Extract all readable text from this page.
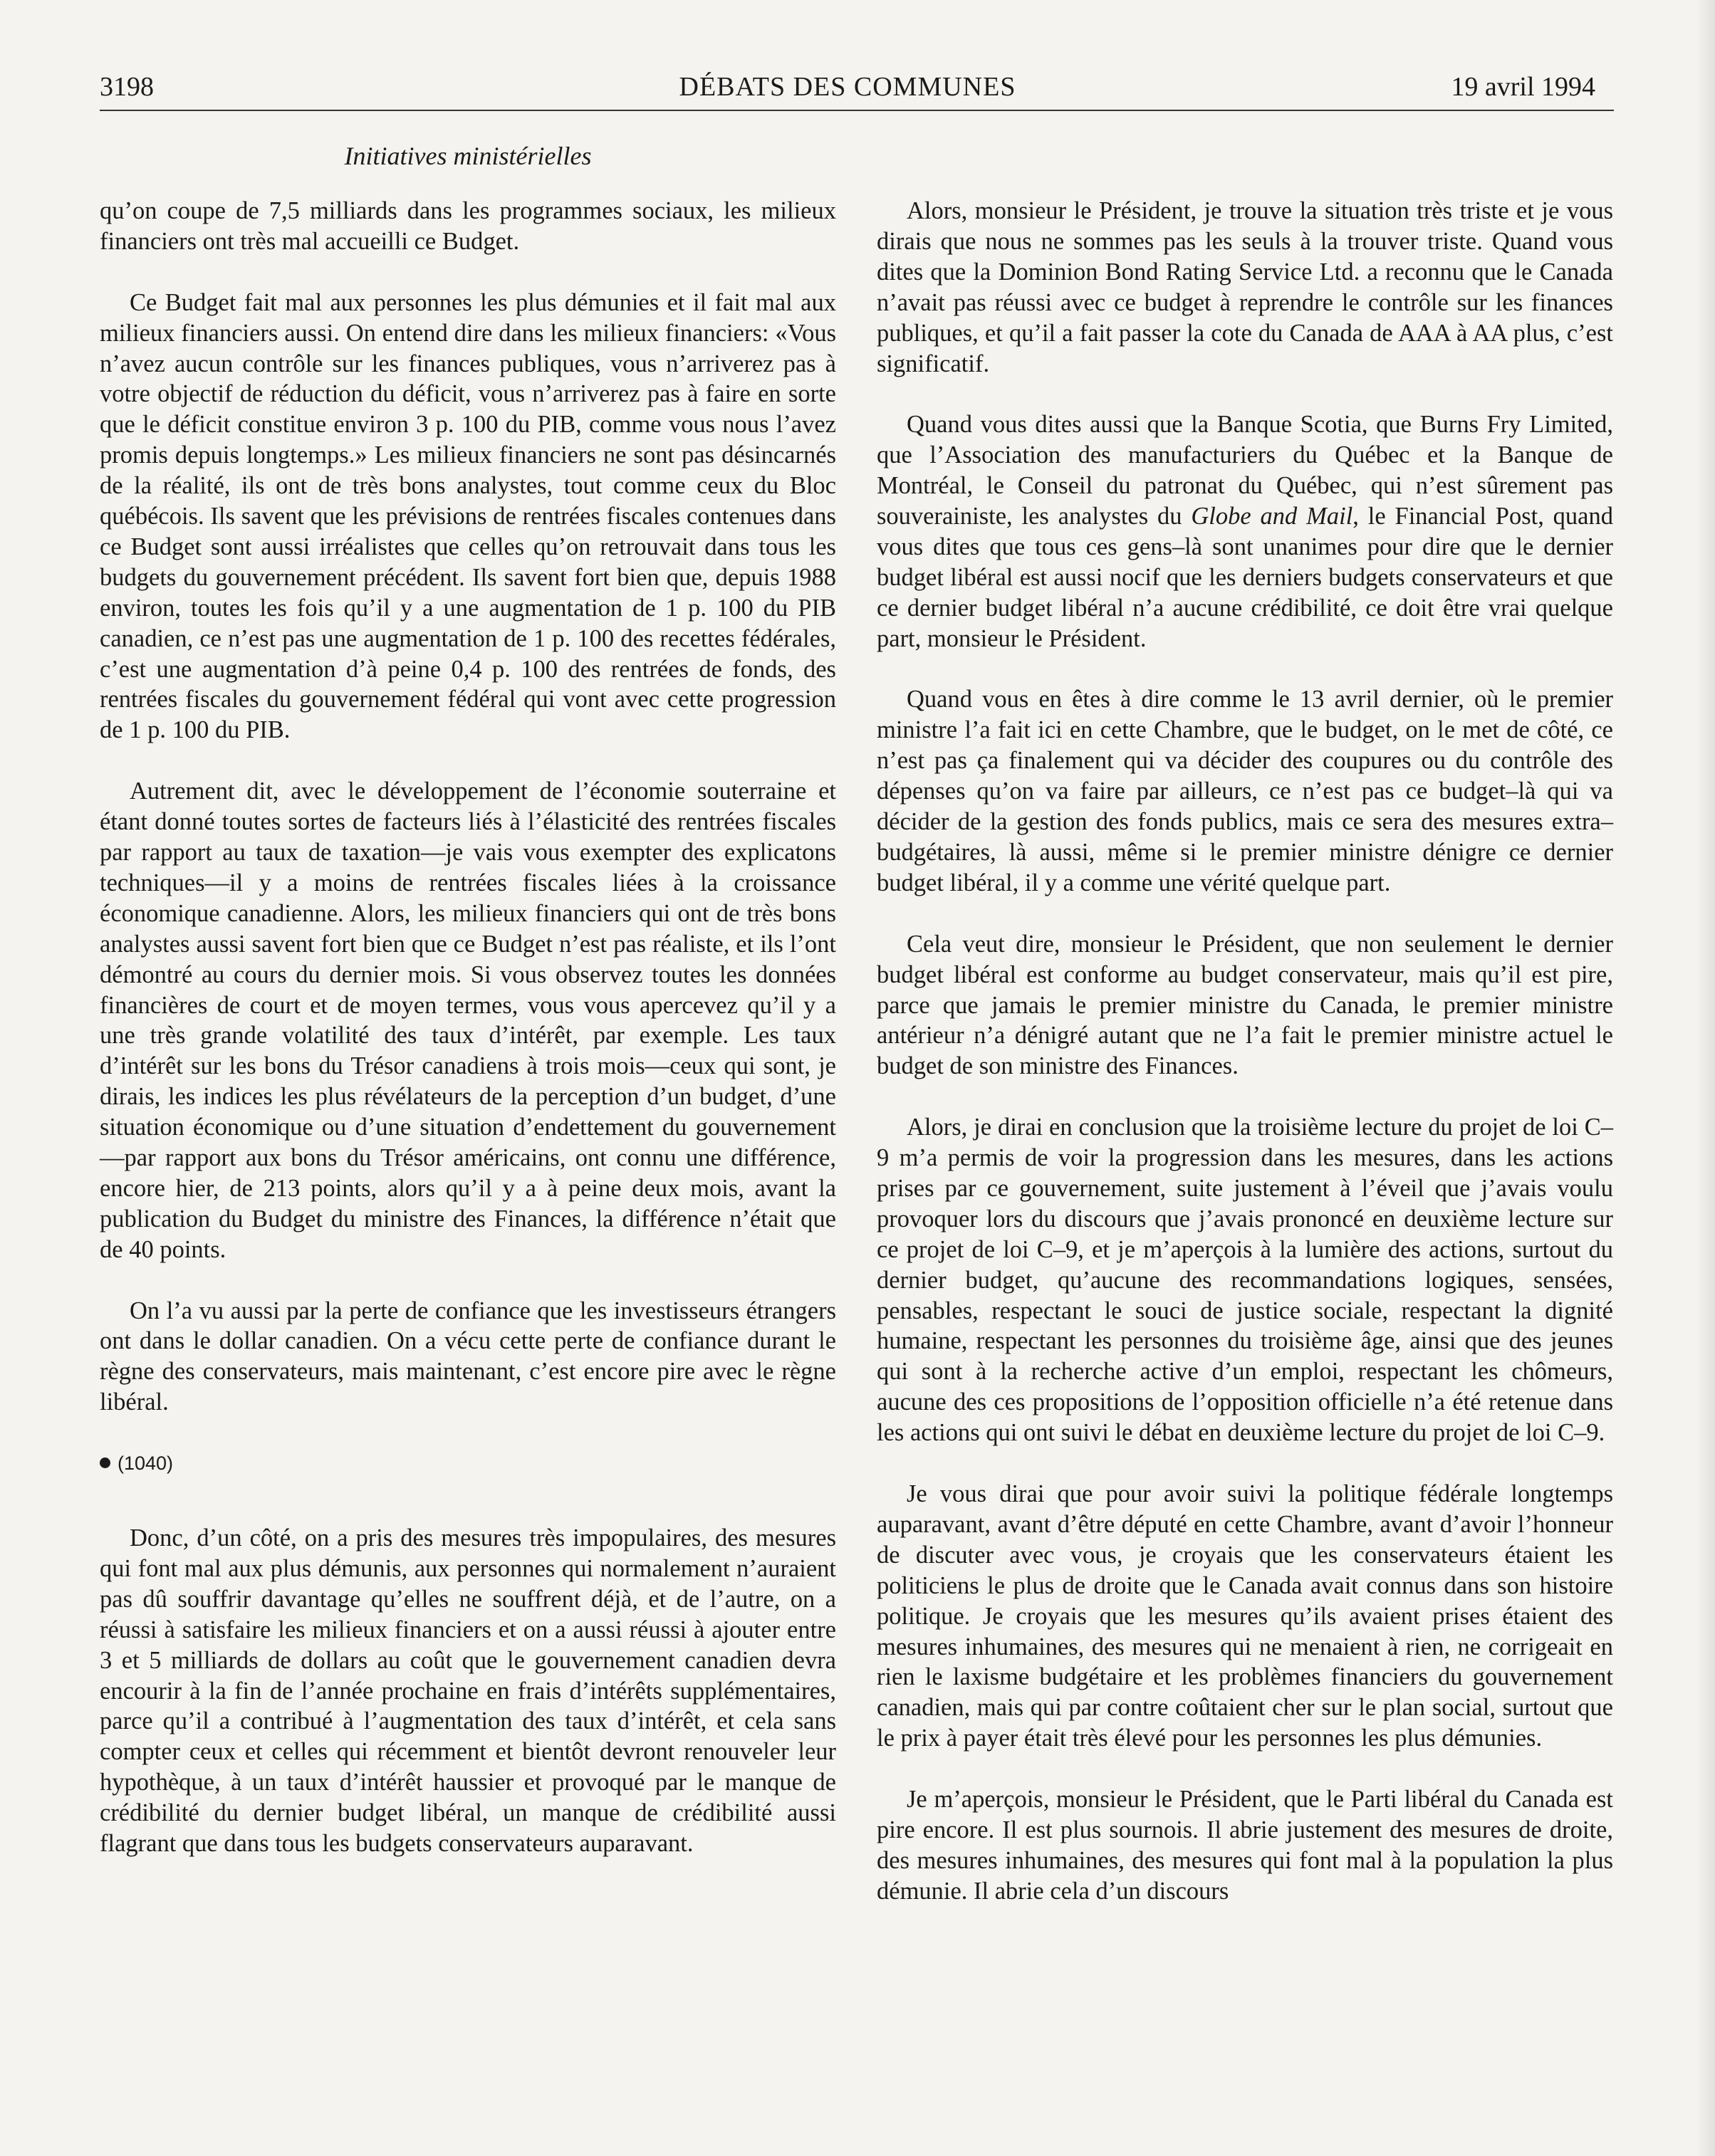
3198	DÉBATS DES COMMUNES	19 avril 1994
Initiatives ministérielles

qu’on coupe de 7,5 milliards dans les programmes sociaux, les milieux financiers ont très mal accueilli ce Budget.

Ce Budget fait mal aux personnes les plus démunies et il fait mal aux milieux financiers aussi. On entend dire dans les milieux financiers: «Vous n’avez aucun contrôle sur les finances publiques, vous n’arriverez pas à votre objectif de réduction du déficit, vous n’arriverez pas à faire en sorte que le déficit constitue environ 3 p. 100 du PIB, comme vous nous l’avez promis depuis longtemps.» Les milieux financiers ne sont pas désincarnés de la réalité, ils ont de très bons analystes, tout comme ceux du Bloc québécois. Ils savent que les prévisions de rentrées fiscales contenues dans ce Budget sont aussi irréalistes que celles qu’on retrouvait dans tous les budgets du gouvernement précédent. Ils savent fort bien que, depuis 1988 environ, toutes les fois qu’il y a une augmentation de 1 p. 100 du PIB canadien, ce n’est pas une augmentation de 1 p. 100 des recettes fédérales, c’est une augmentation d’à peine 0,4 p. 100 des rentrées de fonds, des rentrées fiscales du gouvernement fédéral qui vont avec cette progression de 1 p. 100 du PIB.

Autrement dit, avec le développement de l’économie souterraine et étant donné toutes sortes de facteurs liés à l’élasticité des rentrées fiscales par rapport au taux de taxation—je vais vous exempter des explicatons techniques—il y a moins de rentrées fiscales liées à la croissance économique canadienne. Alors, les milieux financiers qui ont de très bons analystes aussi savent fort bien que ce Budget n’est pas réaliste, et ils l’ont démontré au cours du dernier mois. Si vous observez toutes les données financières de court et de moyen termes, vous vous apercevez qu’il y a une très grande volatilité des taux d’intérêt, par exemple. Les taux d’intérêt sur les bons du Trésor canadiens à trois mois—ceux qui sont, je dirais, les indices les plus révélateurs de la perception d’un budget, d’une situation économique ou d’une situation d’endettement du gouvernement—par rapport aux bons du Trésor américains, ont connu une différence, encore hier, de 213 points, alors qu’il y a à peine deux mois, avant la publication du Budget du ministre des Finances, la différence n’était que de 40 points.

On l’a vu aussi par la perte de confiance que les investisseurs étrangers ont dans le dollar canadien. On a vécu cette perte de confiance durant le règne des conservateurs, mais maintenant, c’est encore pire avec le règne libéral.

(1040)

Donc, d’un côté, on a pris des mesures très impopulaires, des mesures qui font mal aux plus démunis, aux personnes qui normalement n’auraient pas dû souffrir davantage qu’elles ne souffrent déjà, et de l’autre, on a réussi à satisfaire les milieux financiers et on a aussi réussi à ajouter entre 3 et 5 milliards de dollars au coût que le gouvernement canadien devra encourir à la fin de l’année prochaine en frais d’intérêts supplémentaires, parce qu’il a contribué à l’augmentation des taux d’intérêt, et cela sans compter ceux et celles qui récemment et bientôt devront renouveler leur hypothèque, à un taux d’intérêt haussier et provoqué par le manque de crédibilité du dernier budget libéral, un manque de crédibilité aussi flagrant que dans tous les budgets conservateurs auparavant.

Alors, monsieur le Président, je trouve la situation très triste et je vous dirais que nous ne sommes pas les seuls à la trouver triste. Quand vous dites que la Dominion Bond Rating Service Ltd. a reconnu que le Canada n’avait pas réussi avec ce budget à reprendre le contrôle sur les finances publiques, et qu’il a fait passer la cote du Canada de AAA à AA plus, c’est significatif.

Quand vous dites aussi que la Banque Scotia, que Burns Fry Limited, que l’Association des manufacturiers du Québec et la Banque de Montréal, le Conseil du patronat du Québec, qui n’est sûrement pas souverainiste, les analystes du Globe and Mail, le Financial Post, quand vous dites que tous ces gens–là sont unanimes pour dire que le dernier budget libéral est aussi nocif que les derniers budgets conservateurs et que ce dernier budget libéral n’a aucune crédibilité, ce doit être vrai quelque part, monsieur le Président.

Quand vous en êtes à dire comme le 13 avril dernier, où le premier ministre l’a fait ici en cette Chambre, que le budget, on le met de côté, ce n’est pas ça finalement qui va décider des coupures ou du contrôle des dépenses qu’on va faire par ailleurs, ce n’est pas ce budget–là qui va décider de la gestion des fonds publics, mais ce sera des mesures extra–budgétaires, là aussi, même si le premier ministre dénigre ce dernier budget libéral, il y a comme une vérité quelque part.

Cela veut dire, monsieur le Président, que non seulement le dernier budget libéral est conforme au budget conservateur, mais qu’il est pire, parce que jamais le premier ministre du Canada, le premier ministre antérieur n’a dénigré autant que ne l’a fait le premier ministre actuel le budget de son ministre des Finances.

Alors, je dirai en conclusion que la troisième lecture du projet de loi C–9 m’a permis de voir la progression dans les mesures, dans les actions prises par ce gouvernement, suite justement à l’éveil que j’avais voulu provoquer lors du discours que j’avais prononcé en deuxième lecture sur ce projet de loi C–9, et je m’aperçois à la lumière des actions, surtout du dernier budget, qu’aucune des recommandations logiques, sensées, pensables, respectant le souci de justice sociale, respectant la dignité humaine, respectant les personnes du troisième âge, ainsi que des jeunes qui sont à la recherche active d’un emploi, respectant les chômeurs, aucune des ces propositions de l’opposition officielle n’a été retenue dans les actions qui ont suivi le débat en deuxième lecture du projet de loi C–9.

Je vous dirai que pour avoir suivi la politique fédérale longtemps auparavant, avant d’être député en cette Chambre, avant d’avoir l’honneur de discuter avec vous, je croyais que les conservateurs étaient les politiciens le plus de droite que le Canada avait connus dans son histoire politique. Je croyais que les mesures qu’ils avaient prises étaient des mesures inhumaines, des mesures qui ne menaient à rien, ne corrigeait en rien le laxisme budgétaire et les problèmes financiers du gouvernement canadien, mais qui par contre coûtaient cher sur le plan social, surtout que le prix à payer était très élevé pour les personnes les plus démunies.

Je m’aperçois, monsieur le Président, que le Parti libéral du Canada est pire encore. Il est plus sournois. Il abrie justement des mesures de droite, des mesures inhumaines, des mesures qui font mal à la population la plus démunie. Il abrie cela d’un discours
